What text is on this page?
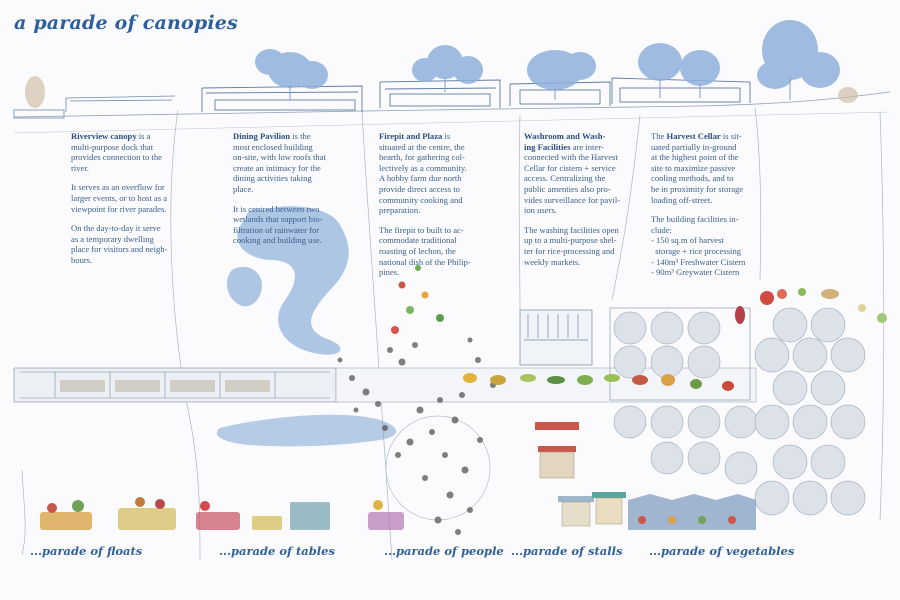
a parade of canopies

Riverview canopy is a
multi-purpose dock that
provides connection to the
river.

It serves as an overflow for
larger events, or to host as a
viewpoint for river parades.

On the day-to-day it serve
as a temporary dwelling
place for visitors and neigh-
bours.

Dining Pavilion is the
most enclosed building
on-site, with low roofs that
create an intimacy for the
dining activities taking
place.

It is centred between two
wetlands that support bio-
filtration of rainwater for
cooking and building use.

Firepit and Plaza is
situated at the centre, the
hearth, for gathering col-
lectively as a community.
A hobby farm due north
provide direct access to
community cooking and
preparation.

The firepit to built to ac-
commodate traditional
roasting of lechon, the
national dish of the Philip-
pines.

Washroom and Wash-
ing Facilities are inter-
connected with the Harvest
Cellar for cistern + service
access. Centralizing the
public amenties also pro-
vides surveillance for pavil-
ion users.

The washing facilities open
up to a multi-purpose shel-
ter for rice-processing and
weekly markets.

The Harvest Cellar is sit-
uated partially in-ground
at the highest point of the
site to maximize passive
cooling methods, and to
be in proximity for storage
loading off-street.

The building facilities in-
clude:

- 150 sq.m of harvest
storage + rice processing
- 140m³ Freshwater Cistern
- 90m³ Greywater Cistern
...parade of floats	...parade of tables	...parade of people ...parade of stalls ...parade of vegetables
